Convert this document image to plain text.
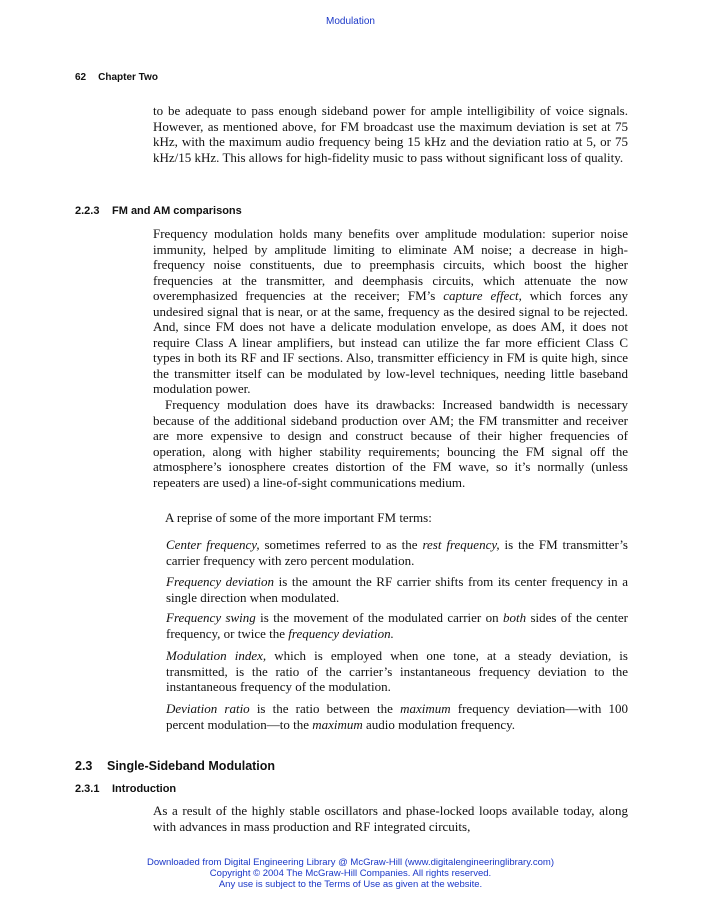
Modulation
62 Chapter Two

to be adequate to pass enough sideband power for ample intelligibility of voice signals. However, as mentioned above, for FM broadcast use the maximum deviation is set at 75 kHz, with the maximum audio frequency being 15 kHz and the deviation ratio at 5, or 75 kHz/15 kHz. This allows for high-fidelity music to pass without significant loss of quality.

2.2.3 FM and AM comparisons

Frequency modulation holds many benefits over amplitude modulation: superior noise immunity, helped by amplitude limiting to eliminate AM noise; a decrease in high-frequency noise constituents, due to preemphasis circuits, which boost the higher frequencies at the transmitter, and deemphasis circuits, which attenuate the now overemphasized frequencies at the receiver; FM’s capture effect, which forces any undesired signal that is near, or at the same, frequency as the desired signal to be rejected. And, since FM does not have a delicate modulation envelope, as does AM, it does not require Class A linear amplifiers, but instead can utilize the far more efficient Class C types in both its RF and IF sections. Also, transmitter efficiency in FM is quite high, since the transmitter itself can be modulated by low-level techniques, needing little baseband modulation power.

Frequency modulation does have its drawbacks: Increased bandwidth is necessary because of the additional sideband production over AM; the FM transmitter and receiver are more expensive to design and construct because of their higher frequencies of operation, along with higher stability requirements; bouncing the FM signal off the atmosphere’s ionosphere creates distortion of the FM wave, so it’s normally (unless repeaters are used) a line-of-sight communications medium.

A reprise of some of the more important FM terms:

Center frequency, sometimes referred to as the rest frequency, is the FM transmitter’s carrier frequency with zero percent modulation.

Frequency deviation is the amount the RF carrier shifts from its center frequency in a single direction when modulated.

Frequency swing is the movement of the modulated carrier on both sides of the center frequency, or twice the frequency deviation.

Modulation index, which is employed when one tone, at a steady deviation, is transmitted, is the ratio of the carrier’s instantaneous frequency deviation to the instantaneous frequency of the modulation.

Deviation ratio is the ratio between the maximum frequency deviation—with 100 percent modulation—to the maximum audio modulation frequency.

2.3 Single-Sideband Modulation
2.3.1 Introduction

As a result of the highly stable oscillators and phase-locked loops available today, along with advances in mass production and RF integrated circuits,

Downloaded from Digital Engineering Library @ McGraw-Hill (www.digitalengineeringlibrary.com)
Copyright © 2004 The McGraw-Hill Companies. All rights reserved.
Any use is subject to the Terms of Use as given at the website.
